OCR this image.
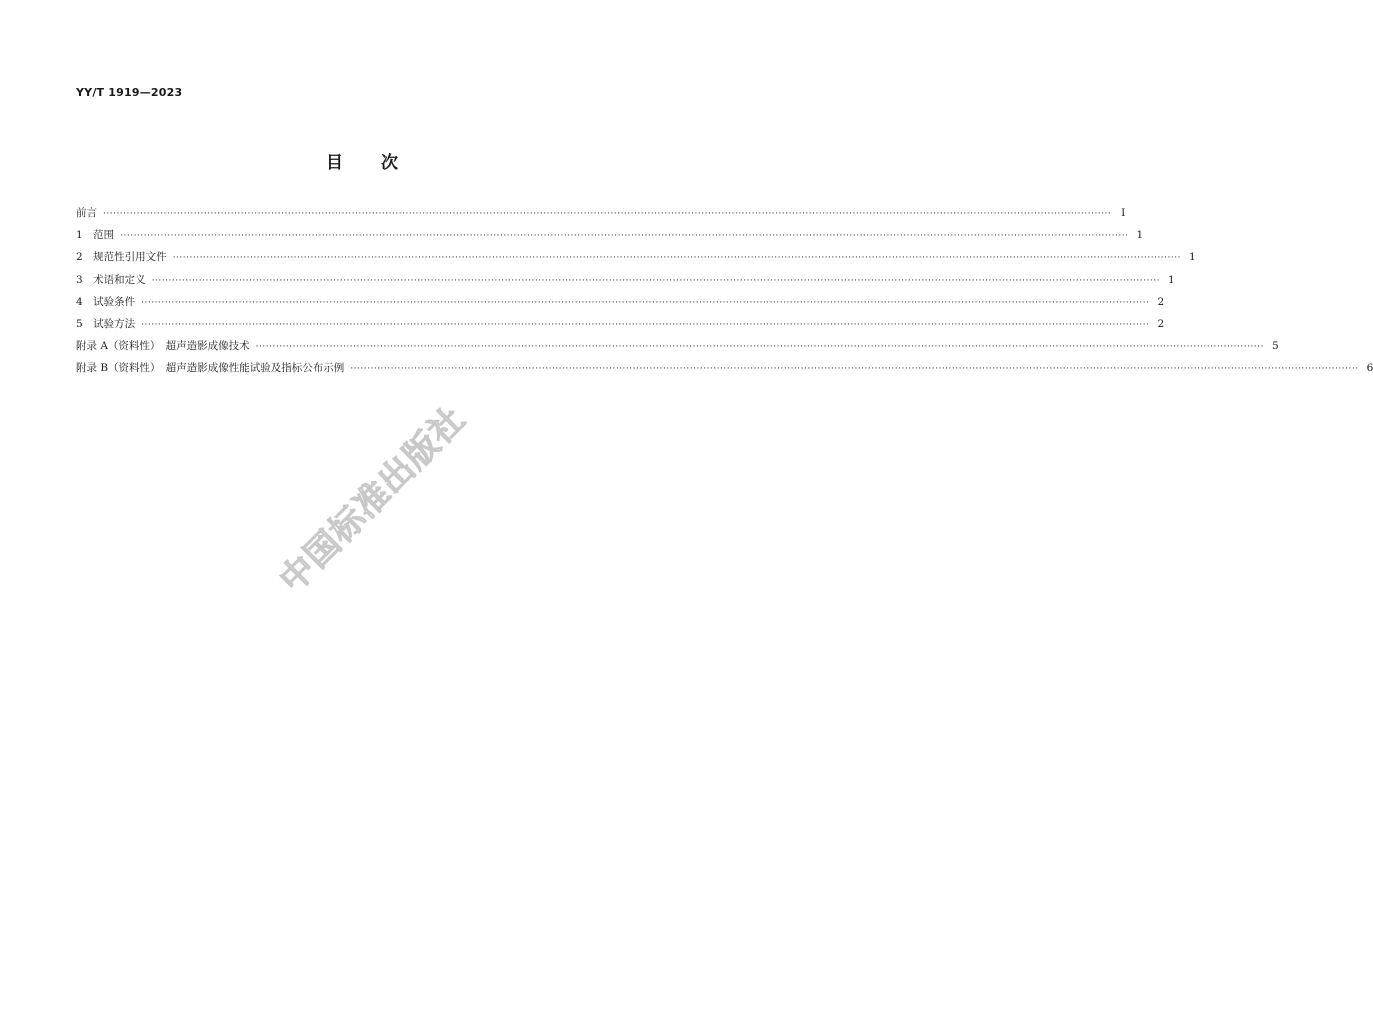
YY/T 1919—2023
目次
前言 ············································································································································································································································································································ Ⅰ
1　范围 ············································································································································································································································································································ 1
2　规范性引用文件 ············································································································································································································································································································ 1
3　术语和定义 ············································································································································································································································································································ 1
4　试验条件 ············································································································································································································································································································ 2
5　试验方法 ············································································································································································································································································································ 2
附录 A（资料性）　超声造影成像技术 ············································································································································································································································································································ 5
附录 B（资料性）　超声造影成像性能试验及指标公布示例 ············································································································································································································································································································ 6
中国标准出版社
